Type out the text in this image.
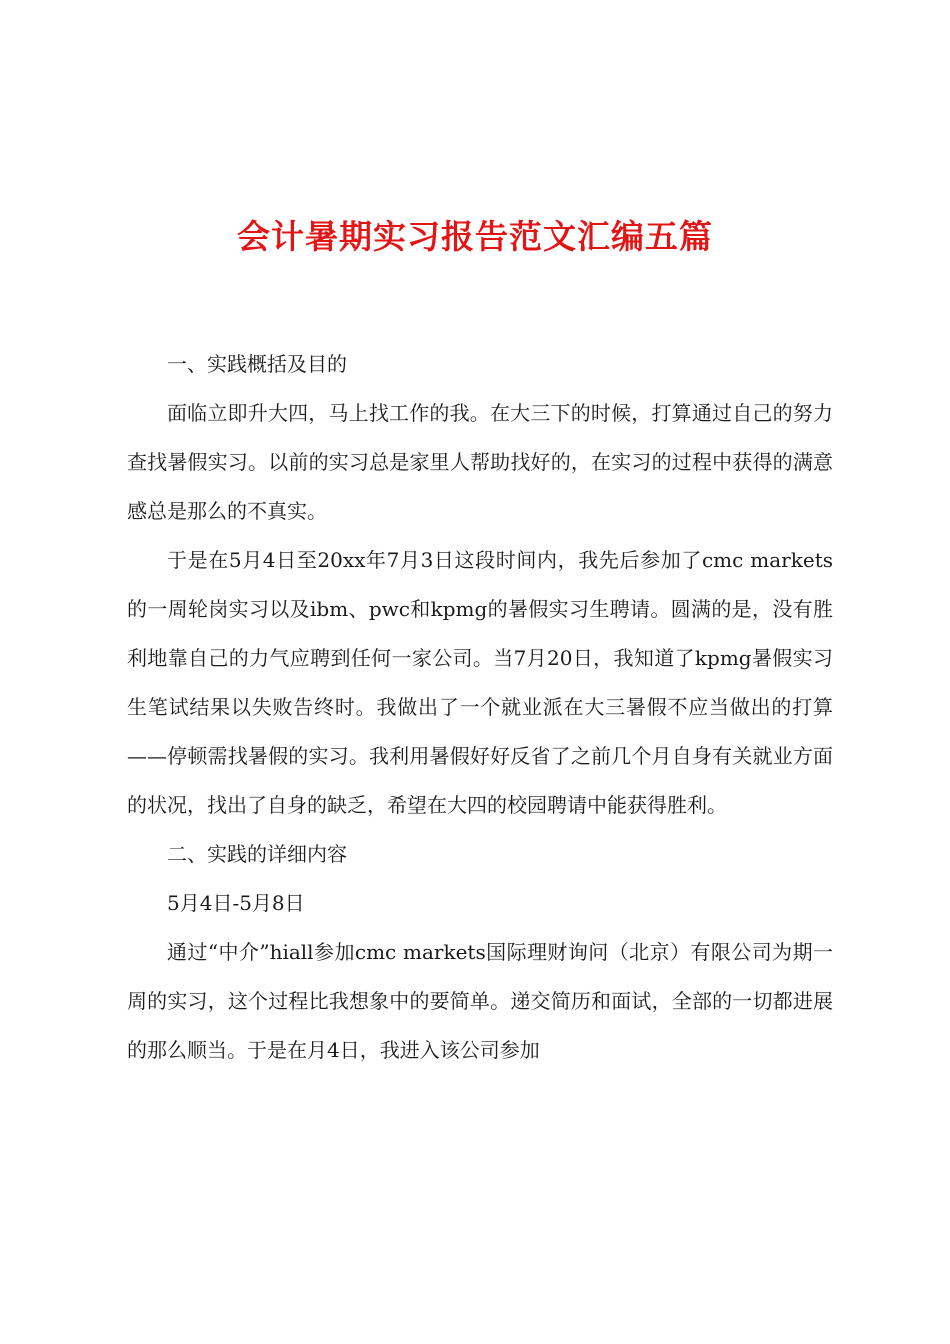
会计暑期实习报告范文汇编五篇

一、实践概括及目的

面临立即升大四，马上找工作的我。在大三下的时候，打算通过自己的努力查找暑假实习。以前的实习总是家里人帮助找好的，在实习的过程中获得的满意感总是那么的不真实。

于是在5月4日至20xx年7月3日这段时间内，我先后参加了cmc markets的一周轮岗实习以及ibm、pwc和kpmg的暑假实习生聘请。圆满的是，没有胜利地靠自己的力气应聘到任何一家公司。当7月20日，我知道了kpmg暑假实习生笔试结果以失败告终时。我做出了一个就业派在大三暑假不应当做出的打算——停顿需找暑假的实习。我利用暑假好好反省了之前几个月自身有关就业方面的状况，找出了自身的缺乏，希望在大四的校园聘请中能获得胜利。

二、实践的详细内容

5月4日-5月8日

通过“中介”hiall参加cmc markets国际理财询问（北京）有限公司为期一周的实习，这个过程比我想象中的要简单。递交简历和面试，全部的一切都进展的那么顺当。于是在月4日，我进入该公司参加
